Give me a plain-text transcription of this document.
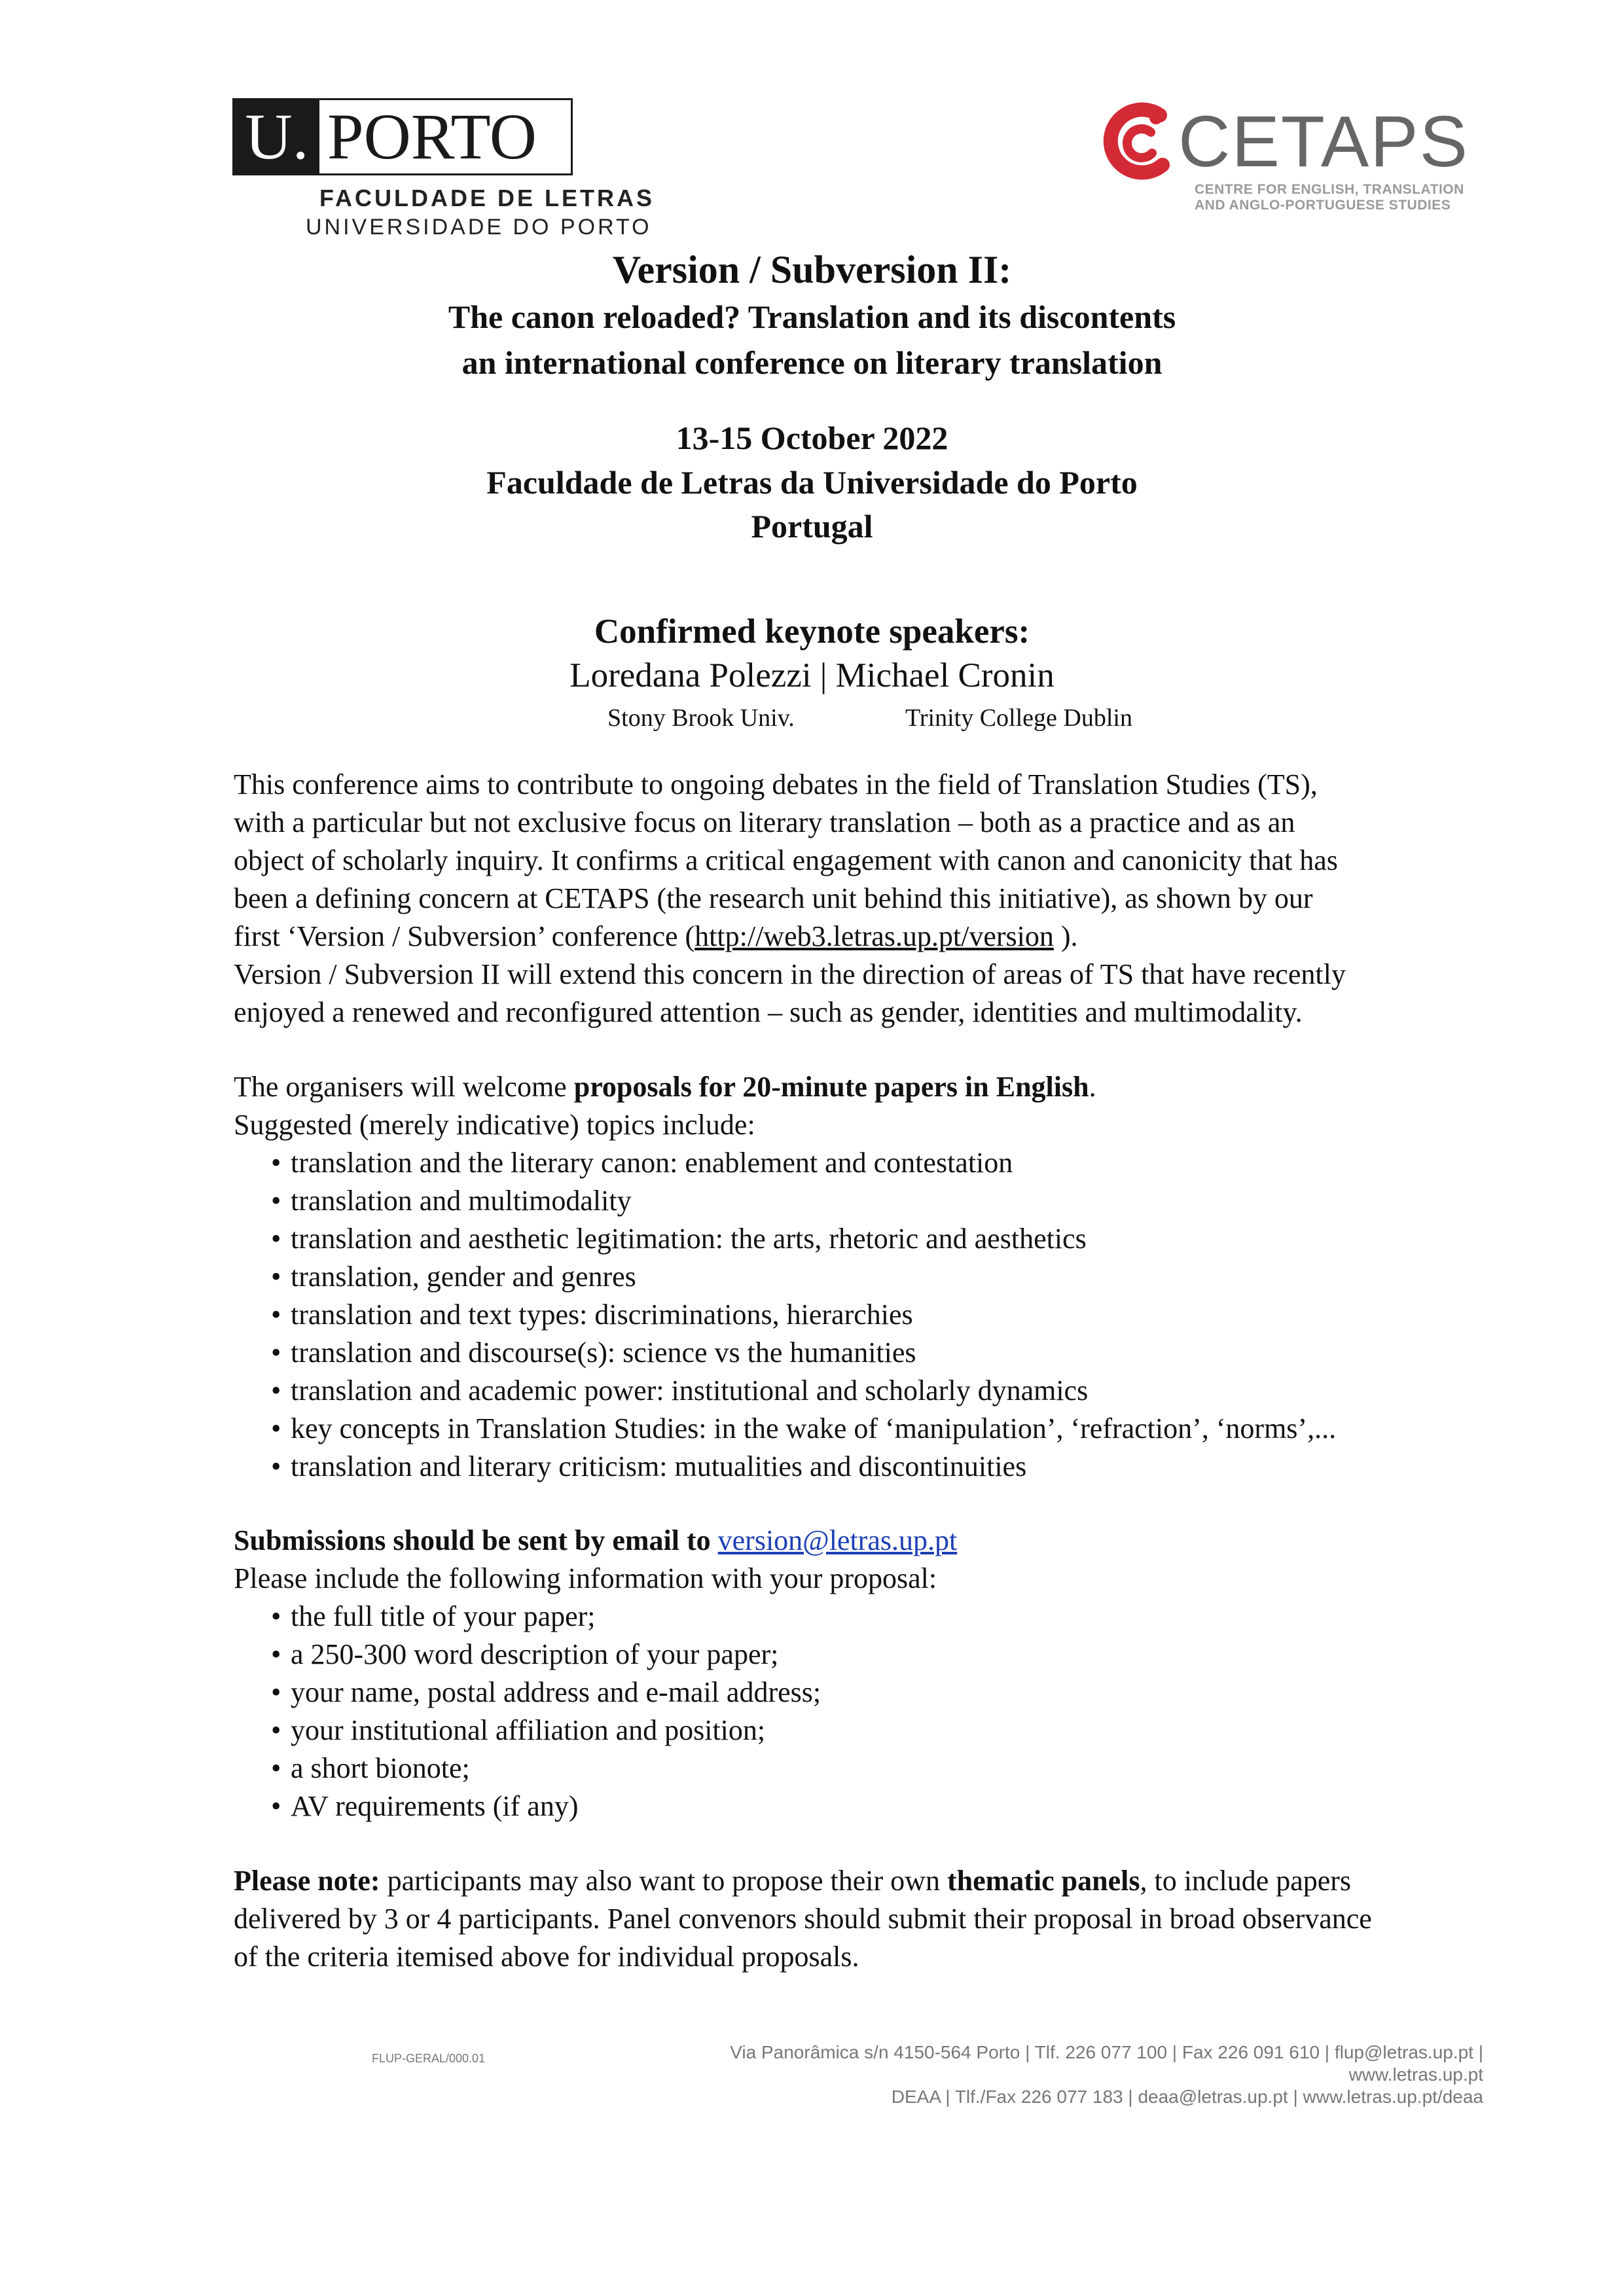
U. PORTO
FACULDADE DE LETRAS
UNIVERSIDADE DO PORTO
CETAPS
CENTRE FOR ENGLISH, TRANSLATION
AND ANGLO-PORTUGUESE STUDIES
Version / Subversion II:
The canon reloaded? Translation and its discontents
an international conference on literary translation
13-15 October 2022
Faculdade de Letras da Universidade do Porto
Portugal
Confirmed keynote speakers:
Loredana Polezzi | Michael Cronin
Stony Brook Univ.	Trinity College Dublin
This conference aims to contribute to ongoing debates in the field of Translation Studies (TS),
with a particular but not exclusive focus on literary translation – both as a practice and as an
object of scholarly inquiry. It confirms a critical engagement with canon and canonicity that has
been a defining concern at CETAPS (the research unit behind this initiative), as shown by our
first ‘Version / Subversion’ conference (http://web3.letras.up.pt/version ).
Version / Subversion II will extend this concern in the direction of areas of TS that have recently
enjoyed a renewed and reconfigured attention – such as gender, identities and multimodality.
The organisers will welcome proposals for 20-minute papers in English.
Suggested (merely indicative) topics include:
• translation and the literary canon: enablement and contestation
• translation and multimodality
• translation and aesthetic legitimation: the arts, rhetoric and aesthetics
• translation, gender and genres
• translation and text types: discriminations, hierarchies
• translation and discourse(s): science vs the humanities
• translation and academic power: institutional and scholarly dynamics
• key concepts in Translation Studies: in the wake of ‘manipulation’, ‘refraction’, ‘norms’,...
• translation and literary criticism: mutualities and discontinuities
Submissions should be sent by email to version@letras.up.pt
Please include the following information with your proposal:
• the full title of your paper;
• a 250-300 word description of your paper;
• your name, postal address and e-mail address;
• your institutional affiliation and position;
• a short bionote;
• AV requirements (if any)
Please note: participants may also want to propose their own thematic panels, to include papers
delivered by 3 or 4 participants. Panel convenors should submit their proposal in broad observance
of the criteria itemised above for individual proposals.
FLUP-GERAL/000.01	Via Panorâmica s/n 4150-564 Porto | Tlf. 226 077 100 | Fax 226 091 610 | flup@letras.up.pt |
www.letras.up.pt
DEAA | Tlf./Fax 226 077 183 | deaa@letras.up.pt | www.letras.up.pt/deaa
